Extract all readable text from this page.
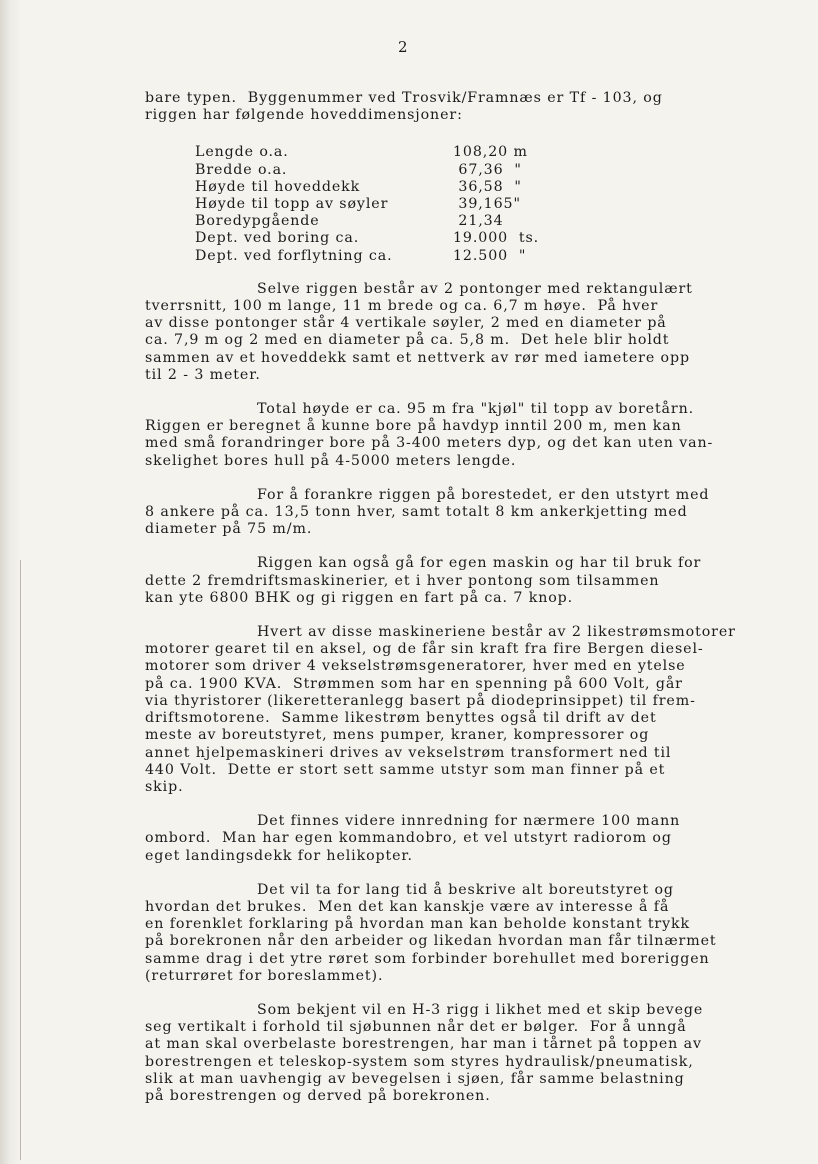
2

bare typen.  Byggenummer ved Trosvik/Framnæs er Tf - 103, og

riggen har følgende hoveddimensjoner:

Lengde o.a.	108,20 m
Bredde o.a.	67,36  "
Høyde til hoveddekk	36,58  "
Høyde til topp av søyler	39,165"
Boredypgående	21,34
Dept. ved boring ca.	19.000  ts.
Dept. ved forflytning ca.	12.500  "

Selve riggen består av 2 pontonger med rektangulært

tverrsnitt, 100 m lange, 11 m brede og ca. 6,7 m høye.  På hver

av disse pontonger står 4 vertikale søyler, 2 med en diameter på

ca. 7,9 m og 2 med en diameter på ca. 5,8 m.  Det hele blir holdt

sammen av et hoveddekk samt et nettverk av rør med iametere opp

til 2 - 3 meter.

Total høyde er ca. 95 m fra "kjøl" til topp av boretårn.

Riggen er beregnet å kunne bore på havdyp inntil 200 m, men kan

med små forandringer bore på 3-400 meters dyp, og det kan uten van-

skelighet bores hull på 4-5000 meters lengde.

For å forankre riggen på borestedet, er den utstyrt med

8 ankere på ca. 13,5 tonn hver, samt totalt 8 km ankerkjetting med

diameter på 75 m/m.

Riggen kan også gå for egen maskin og har til bruk for

dette 2 fremdriftsmaskinerier, et i hver pontong som tilsammen

kan yte 6800 BHK og gi riggen en fart på ca. 7 knop.

Hvert av disse maskineriene består av 2 likestrømsmotorer

motorer gearet til en aksel, og de får sin kraft fra fire Bergen diesel-

motorer som driver 4 vekselstrømsgeneratorer, hver med en ytelse

på ca. 1900 KVA.  Strømmen som har en spenning på 600 Volt, går

via thyristorer (likeretteranlegg basert på diodeprinsippet) til frem-

driftsmotorene.  Samme likestrøm benyttes også til drift av det

meste av boreutstyret, mens pumper, kraner, kompressorer og

annet hjelpemaskineri drives av vekselstrøm transformert ned til

440 Volt.  Dette er stort sett samme utstyr som man finner på et

skip.

Det finnes videre innredning for nærmere 100 mann

ombord.  Man har egen kommandobro, et vel utstyrt radiorom og

eget landingsdekk for helikopter.

Det vil ta for lang tid å beskrive alt boreutstyret og

hvordan det brukes.  Men det kan kanskje være av interesse å få

en forenklet forklaring på hvordan man kan beholde konstant trykk

på borekronen når den arbeider og likedan hvordan man får tilnærmet

samme drag i det ytre røret som forbinder borehullet med boreriggen

(returrøret for boreslammet).

Som bekjent vil en H-3 rigg i likhet med et skip bevege

seg vertikalt i forhold til sjøbunnen når det er bølger.  For å unngå

at man skal overbelaste borestrengen, har man i tårnet på toppen av

borestrengen et teleskop-system som styres hydraulisk/pneumatisk,

slik at man uavhengig av bevegelsen i sjøen, får samme belastning

på borestrengen og derved på borekronen.
